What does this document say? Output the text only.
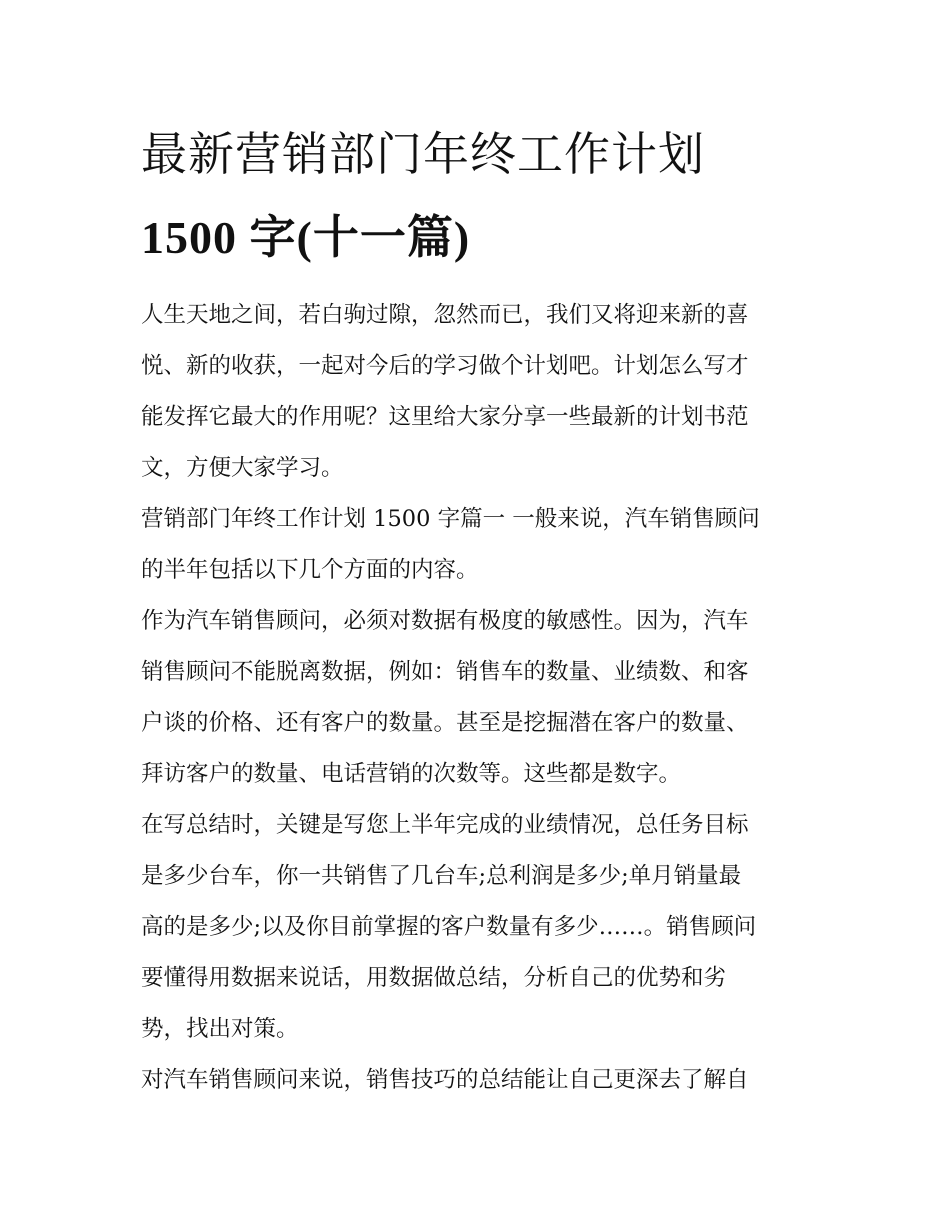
最新营销部门年终工作计划
1500 字(十一篇)

人生天地之间，若白驹过隙，忽然而已，我们又将迎来新的喜
悦、新的收获，一起对今后的学习做个计划吧。计划怎么写才
能发挥它最大的作用呢？这里给大家分享一些最新的计划书范
文，方便大家学习。

营销部门年终工作计划 1500 字篇一 一般来说，汽车销售顾问
的半年包括以下几个方面的内容。

作为汽车销售顾问，必须对数据有极度的敏感性。因为，汽车
销售顾问不能脱离数据，例如：销售车的数量、业绩数、和客
户谈的价格、还有客户的数量。甚至是挖掘潜在客户的数量、
拜访客户的数量、电话营销的次数等。这些都是数字。

在写总结时，关键是写您上半年完成的业绩情况，总任务目标
是多少台车，你一共销售了几台车;总利润是多少;单月销量最
高的是多少;以及你目前掌握的客户数量有多少……。销售顾问
要懂得用数据来说话，用数据做总结，分析自己的优势和劣
势，找出对策。

对汽车销售顾问来说，销售技巧的总结能让自己更深去了解自
